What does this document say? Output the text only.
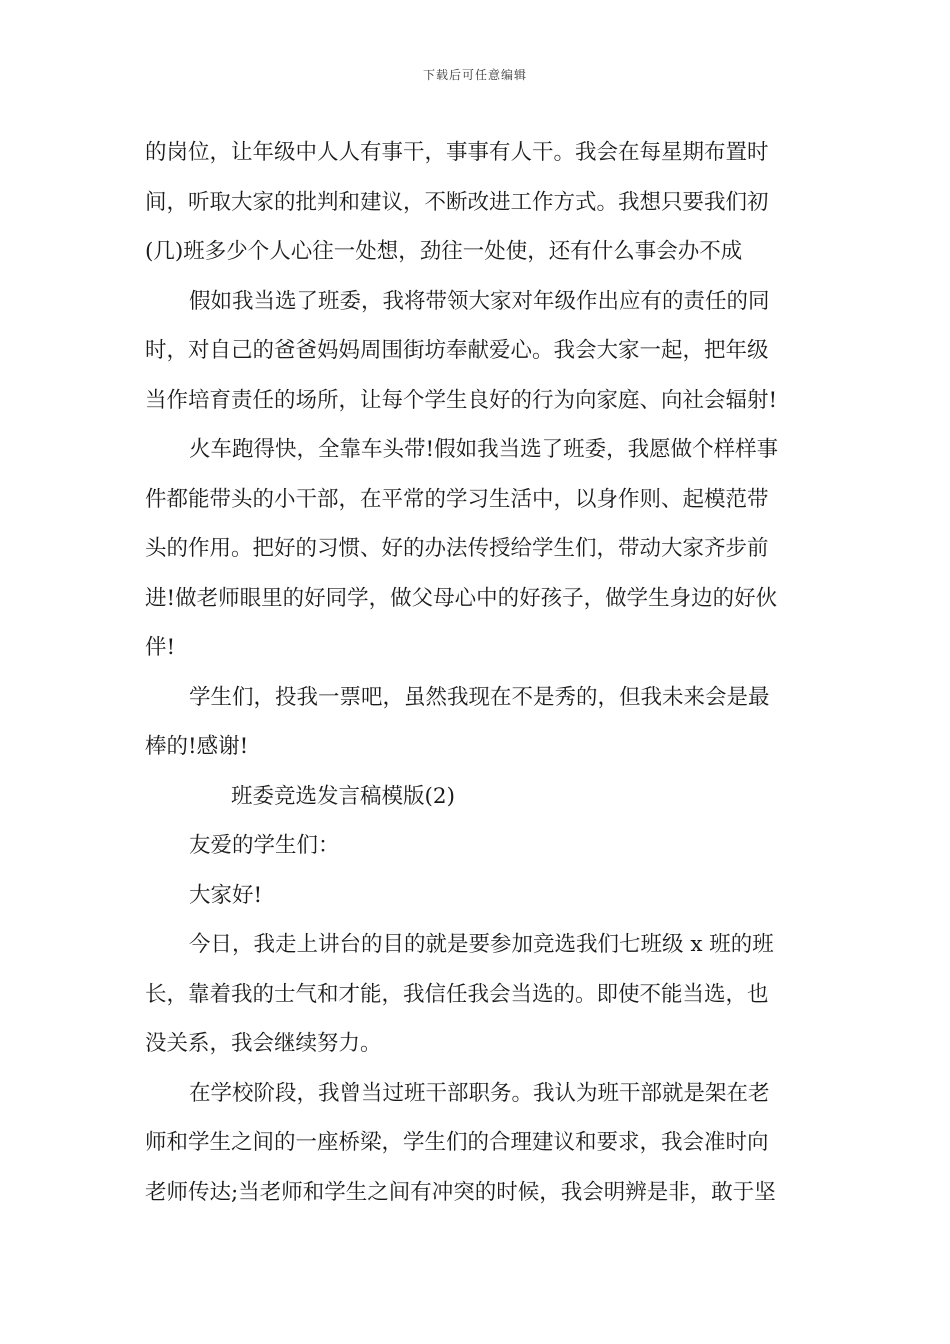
下载后可任意编辑
的岗位，让年级中人人有事干，事事有人干。我会在每星期布置时
间，听取大家的批判和建议，不断改进工作方式。我想只要我们初
(几)班多少个人心往一处想，劲往一处使，还有什么事会办不成
假如我当选了班委，我将带领大家对年级作出应有的责任的同
时，对自己的爸爸妈妈周围街坊奉献爱心。我会大家一起，把年级
当作培育责任的场所，让每个学生良好的行为向家庭、向社会辐射!
火车跑得快，全靠车头带!假如我当选了班委，我愿做个样样事
件都能带头的小干部，在平常的学习生活中，以身作则、起模范带
头的作用。把好的习惯、好的办法传授给学生们，带动大家齐步前
进!做老师眼里的好同学，做父母心中的好孩子，做学生身边的好伙
伴!
学生们，投我一票吧，虽然我现在不是秀的，但我未来会是最
棒的!感谢!
班委竞选发言稿模版(2)
友爱的学生们：
大家好!
今日，我走上讲台的目的就是要参加竞选我们七班级 x 班的班
长，靠着我的士气和才能，我信任我会当选的。即使不能当选，也
没关系，我会继续努力。
在学校阶段，我曾当过班干部职务。我认为班干部就是架在老
师和学生之间的一座桥梁，学生们的合理建议和要求，我会准时向
老师传达;当老师和学生之间有冲突的时候，我会明辨是非，敢于坚
